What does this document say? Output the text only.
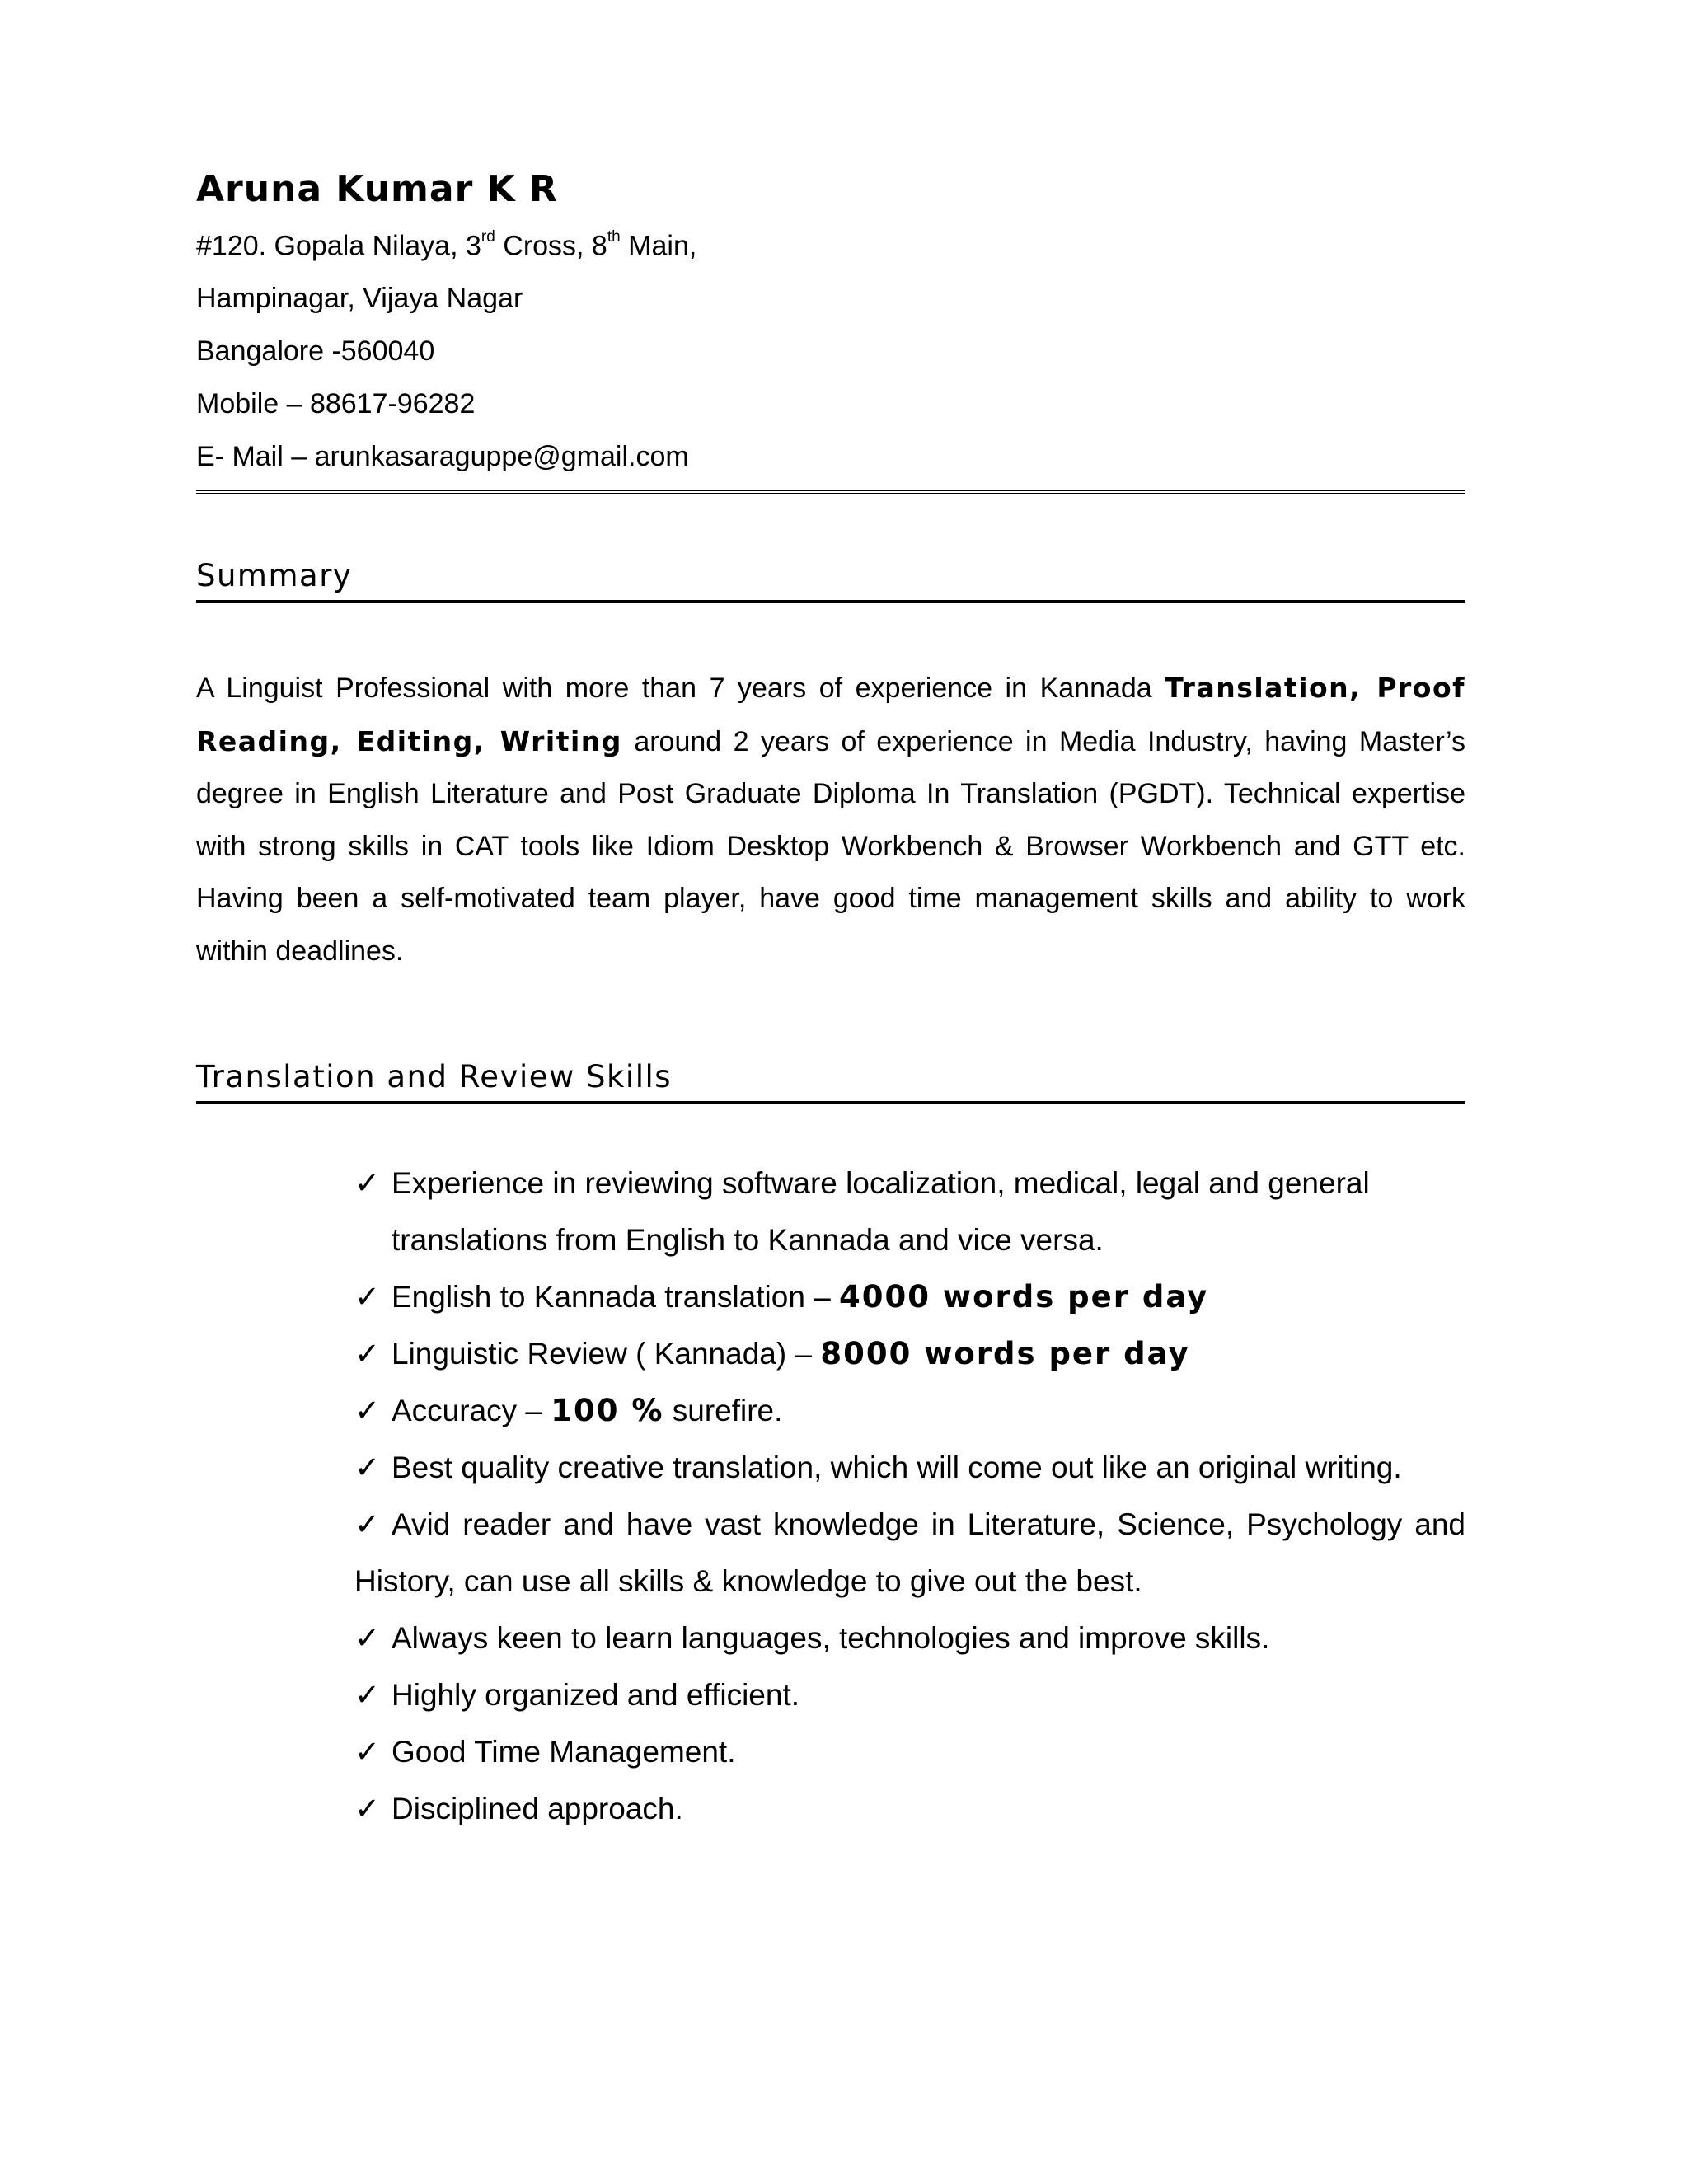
Aruna Kumar K R

#120. Gopala Nilaya, 3rd Cross, 8th Main,

Hampinagar, Vijaya Nagar

Bangalore -560040

Mobile – 88617-96282

E- Mail – arunkasaraguppe@gmail.com

Summary

A Linguist Professional with more than 7 years of experience in Kannada Translation, Proof Reading, Editing, Writing around 2 years of experience in Media Industry, having Master’s degree in English Literature and Post Graduate Diploma In Translation (PGDT). Technical expertise with strong skills in CAT tools like Idiom Desktop Workbench & Browser Workbench and GTT etc. Having been a self-motivated team player, have good time management skills and ability to work within deadlines.

Translation and Review Skills
✓ Experience in reviewing software localization, medical, legal and general translations from English to Kannada and vice versa.
✓ English to Kannada translation – 4000 words per day
✓ Linguistic Review ( Kannada) – 8000 words per day
✓ Accuracy – 100 % surefire.
✓ Best quality creative translation, which will come out like an original writing.
✓ Avid reader and have vast knowledge in Literature, Science, Psychology and History, can use all skills & knowledge to give out the best.
✓ Always keen to learn languages, technologies and improve skills.
✓ Highly organized and efficient.
✓ Good Time Management.
✓ Disciplined approach.
